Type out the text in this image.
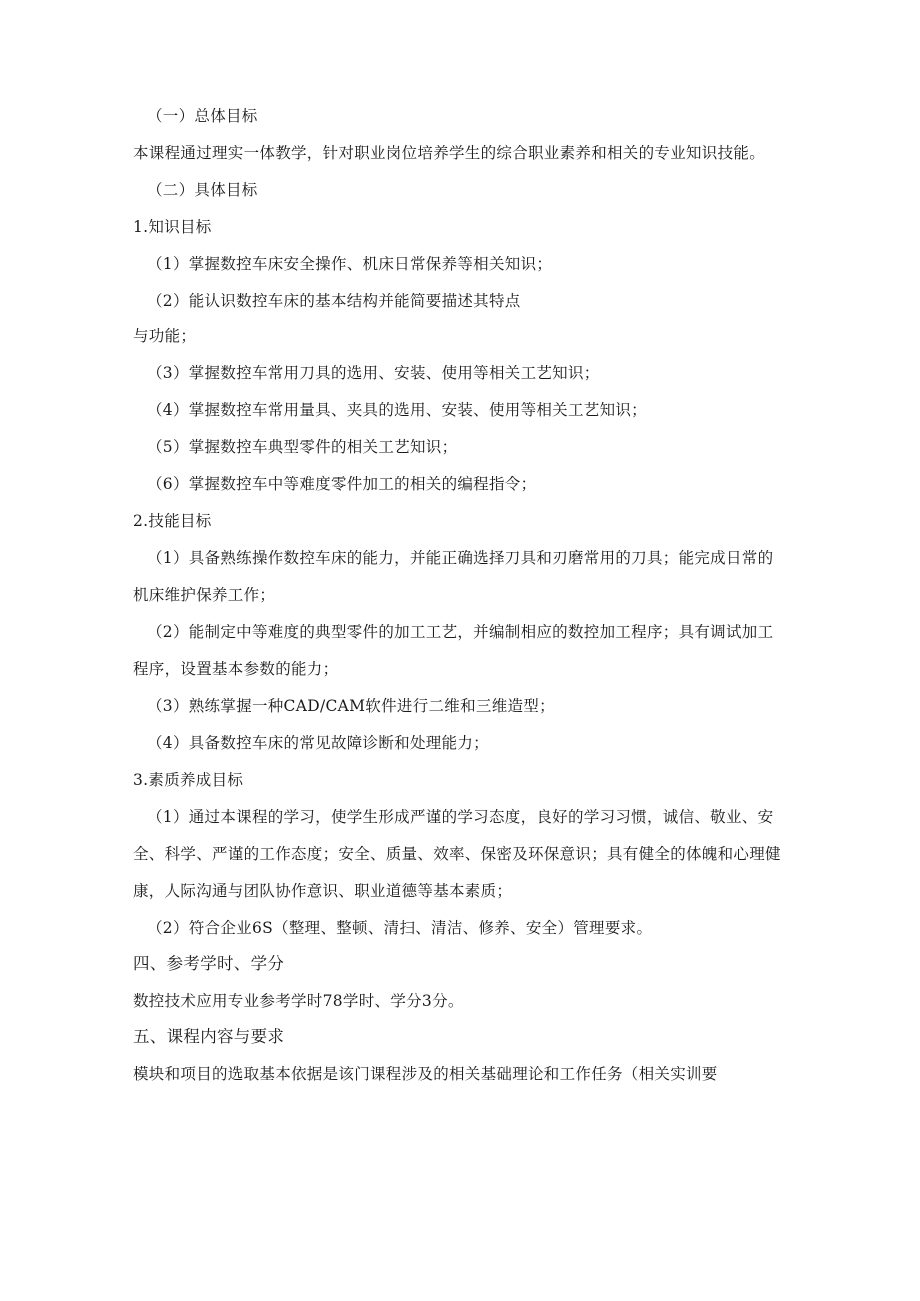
（一）总体目标
本课程通过理实一体教学，针对职业岗位培养学生的综合职业素养和相关的专业知识技能。
（二）具体目标
1.知识目标
（1）掌握数控车床安全操作、机床日常保养等相关知识；
（2）能认识数控车床的基本结构并能简要描述其特点
与功能；
（3）掌握数控车常用刀具的选用、安装、使用等相关工艺知识；
（4）掌握数控车常用量具、夹具的选用、安装、使用等相关工艺知识；
（5）掌握数控车典型零件的相关工艺知识；
（6）掌握数控车中等难度零件加工的相关的编程指令；
2.技能目标
（1）具备熟练操作数控车床的能力，并能正确选择刀具和刃磨常用的刀具；能完成日常的
机床维护保养工作；
（2）能制定中等难度的典型零件的加工工艺，并编制相应的数控加工程序；具有调试加工
程序，设置基本参数的能力；
（3）熟练掌握一种CAD/CAM软件进行二维和三维造型；
（4）具备数控车床的常见故障诊断和处理能力；
3.素质养成目标
（1）通过本课程的学习，使学生形成严谨的学习态度，良好的学习习惯，诚信、敬业、安
全、科学、严谨的工作态度；安全、质量、效率、保密及环保意识；具有健全的体魄和心理健
康，人际沟通与团队协作意识、职业道德等基本素质；
（2）符合企业6S（整理、整顿、清扫、清洁、修养、安全）管理要求。
四、参考学时、学分
数控技术应用专业参考学时78学时、学分3分。
五、课程内容与要求
模块和项目的选取基本依据是该门课程涉及的相关基础理论和工作任务（相关实训要
